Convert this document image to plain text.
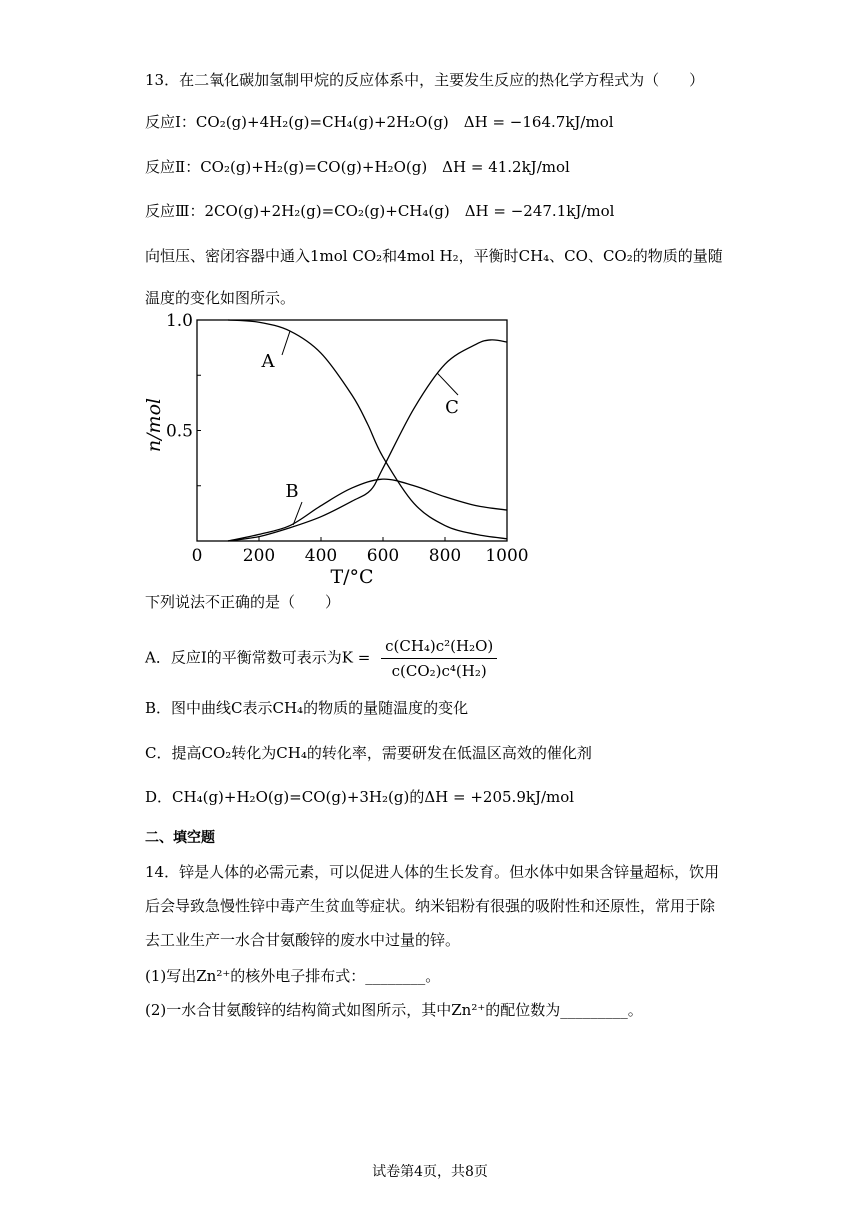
13．在二氧化碳加氢制甲烷的反应体系中，主要发生反应的热化学方程式为（　　）
反应Ⅰ：CO₂(g)+4H₂(g)=CH₄(g)+2H₂O(g)　ΔH = −164.7kJ/mol
反应Ⅱ：CO₂(g)+H₂(g)=CO(g)+H₂O(g)　ΔH = 41.2kJ/mol
反应Ⅲ：2CO(g)+2H₂(g)=CO₂(g)+CH₄(g)　ΔH = −247.1kJ/mol
向恒压、密闭容器中通入1mol CO₂和4mol H₂，平衡时CH₄、CO、CO₂的物质的量随
温度的变化如图所示。
0 200 400 600 800 1000
0.5
1.0
A
B
C
n/mol
T/°C
下列说法不正确的是（　　）
A．反应Ⅰ的平衡常数可表示为$K = \frac{\text{c(CH₄)c²(H₂O)}}{\text{c(CO₂)c⁴(H₂)}}$
B．图中曲线C表示CH₄的物质的量随温度的变化
C．提高CO₂转化为CH₄的转化率，需要研发在低温区高效的催化剂
D．CH₄(g)+H₂O(g)=CO(g)+3H₂(g)的ΔH = +205.9kJ/mol
二、填空题
14．锌是人体的必需元素，可以促进人体的生长发育。但水体中如果含锌量超标，饮用
后会导致急慢性锌中毒产生贫血等症状。纳米铝粉有很强的吸附性和还原性，常用于除
去工业生产一水合甘氨酸锌的废水中过量的锌。
(1)写出Zn²⁺的核外电子排布式：________。
(2)一水合甘氨酸锌的结构简式如图所示，其中Zn²⁺的配位数为_________。
试卷第4页，共8页
